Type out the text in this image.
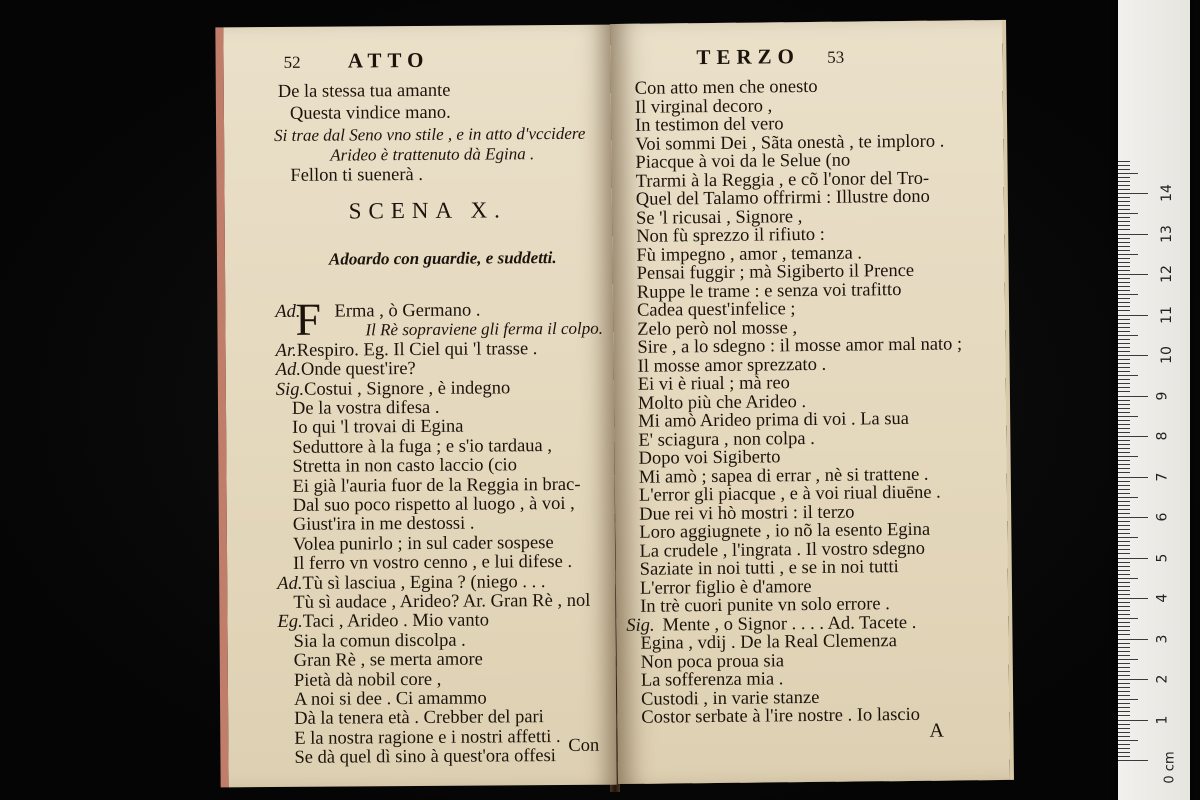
52 ATTO
De la stessa tua amante
Questa vindice mano.
Si trae dal Seno vno stile , e in atto d'vccidere
Arideo è trattenuto dà Egina .
Fellon ti suenerà .
SCENA X.
Adoardo con guardie, e suddetti.
F
Ad. Erma , ò Germano .
Il Rè sopraviene gli ferma il colpo.
Ar.Respiro. Eg. Il Ciel qui 'l trasse .
Ad.Onde quest'ire?
Sig.Costui , Signore , è indegno
De la vostra difesa .
Io qui 'l trovai di Egina
Seduttore à la fuga ; e s'io tardaua ,
Stretta in non casto laccio (cio
Ei già l'auria fuor de la Reggia in brac-
Dal suo poco rispetto al luogo , à voi ,
Giust'ira in me destossi .
Volea punirlo ; in sul cader sospese
Il ferro vn vostro cenno , e lui difese .
Ad.Tù sì lasciua , Egina ? (niego . . .
Tù sì audace , Arideo? Ar. Gran Rè , nol
Eg.Taci , Arideo . Mio vanto
Sia la comun discolpa .
Gran Rè , se merta amore
Pietà dà nobil core ,
A noi si dee . Ci amammo
Dà la tenera età . Crebber del pari
E la nostra ragione e i nostri affetti .
Se dà quel dì sino à quest'ora offesi
Con
TERZO 53
Con atto men che onesto
Il virginal decoro ,
In testimon del vero
Voi sommi Dei , Sãta onestà , te imploro .
Piacque à voi da le Selue (no
Trarmi à la Reggia , e cõ l'onor del Tro-
Quel del Talamo offrirmi : Illustre dono
Se 'l ricusai , Signore ,
Non fù sprezzo il rifiuto :
Fù impegno , amor , temanza .
Pensai fuggir ; mà Sigiberto il Prence
Ruppe le trame : e senza voi trafitto
Cadea quest'infelice ;
Zelo però nol mosse ,
Sire , a lo sdegno : il mosse amor mal nato ;
Il mosse amor sprezzato .
Ei vi è riual ; mà reo
Molto più che Arideo .
Mi amò Arideo prima di voi . La sua
E' sciagura , non colpa .
Dopo voi Sigiberto
Mi amò ; sapea di errar , nè si trattene .
L'error gli piacque , e à voi riual diuēne .
Due rei vi hò mostri : il terzo
Loro aggiugnete , io nõ la esento Egina
La crudele , l'ingrata . Il vostro sdegno
Saziate in noi tutti , e se in noi tutti
L'error figlio è d'amore
In trè cuori punite vn solo errore .
Sig. Mente , o Signor . . . . Ad. Tacete .
Egina , vdij . De la Real Clemenza
Non poca proua sia
La sofferenza mia .
Custodi , in varie stanze
Costor serbate à l'ire nostre . Io lascio
A
1
2
3
4
5
6
7
8
9
10
11
12
13
14
0 cm
